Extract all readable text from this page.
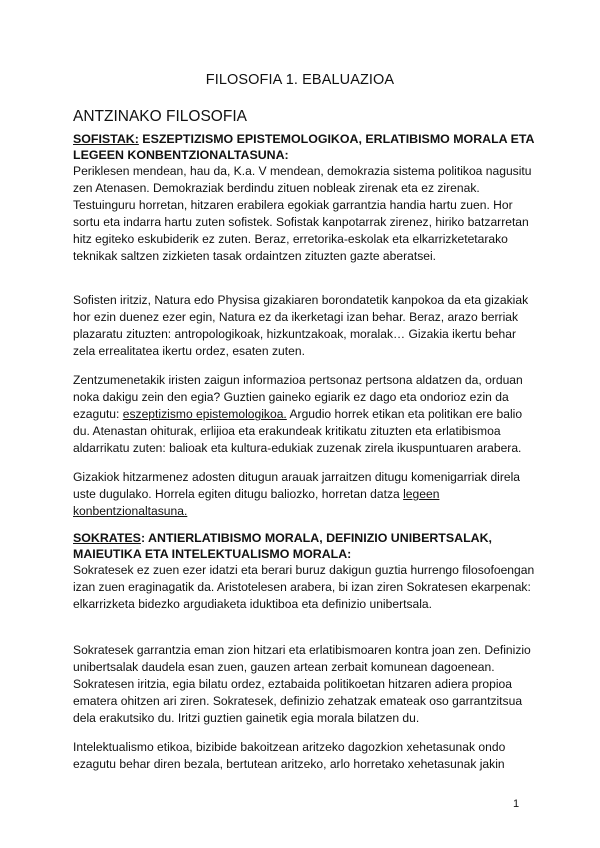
FILOSOFIA 1. EBALUAZIOA
ANTZINAKO FILOSOFIA
SOFISTAK: ESZEPTIZISMO EPISTEMOLOGIKOA, ERLATIBISMO MORALA ETA LEGEEN KONBENTZIONALTASUNA:

Periklesen mendean, hau da, K.a. V mendean, demokrazia sistema politikoa nagusitu zen Atenasen. Demokraziak berdindu zituen nobleak zirenak eta ez zirenak. Testuinguru horretan, hitzaren erabilera egokiak garrantzia handia hartu zuen. Hor sortu eta indarra hartu zuten sofistek. Sofistak kanpotarrak zirenez, hiriko batzarretan hitz egiteko eskubiderik ez zuten. Beraz, erretorika-eskolak eta elkarrizketetarako teknikak saltzen zizkieten tasak ordaintzen zituzten gazte aberatsei.

Sofisten iritziz, Natura edo Physisa gizakiaren borondatetik kanpokoa da eta gizakiak hor ezin duenez ezer egin, Natura ez da ikerketagi izan behar. Beraz, arazo berriak plazaratu zituzten: antropologikoak, hizkuntzakoak, moralak… Gizakia ikertu behar zela errealitatea ikertu ordez, esaten zuten.

Zentzumenetakik iristen zaigun informazioa pertsonaz pertsona aldatzen da, orduan noka dakigu zein den egia? Guztien gaineko egiarik ez dago eta ondorioz ezin da ezagutu: eszeptizismo epistemologikoa. Argudio horrek etikan eta politikan ere balio du. Atenastan ohiturak, erlijioa eta erakundeak kritikatu zituzten eta erlatibismoa aldarrikatu zuten: balioak eta kultura-edukiak zuzenak zirela ikuspuntuaren arabera.

Gizakiok hitzarmenez adosten ditugun arauak jarraitzen ditugu komenigarriak direla uste dugulako. Horrela egiten ditugu baliozko, horretan datza legeen konbentzionaltasuna.

SOKRATES: ANTIERLATIBISMO MORALA, DEFINIZIO UNIBERTSALAK, MAIEUTIKA ETA INTELEKTUALISMO MORALA:

Sokratesek ez zuen ezer idatzi eta berari buruz dakigun guztia hurrengo filosofoengan izan zuen eraginagatik da. Aristotelesen arabera, bi izan ziren Sokratesen ekarpenak: elkarrizketa bidezko argudiaketa iduktiboa eta definizio unibertsala.

Sokratesek garrantzia eman zion hitzari eta erlatibismoaren kontra joan zen. Definizio unibertsalak daudela esan zuen, gauzen artean zerbait komunean dagoenean. Sokratesen iritzia, egia bilatu ordez, eztabaida politikoetan hitzaren adiera propioa ematera ohitzen ari ziren. Sokratesek, definizio zehatzak emateak oso garrantzitsua dela erakutsiko du. Iritzi guztien gainetik egia morala bilatzen du.

Intelektualismo etikoa, bizibide bakoitzean aritzeko dagozkion xehetasunak ondo ezagutu behar diren bezala, bertutean aritzeko, arlo horretako xehetasunak jakin

1
